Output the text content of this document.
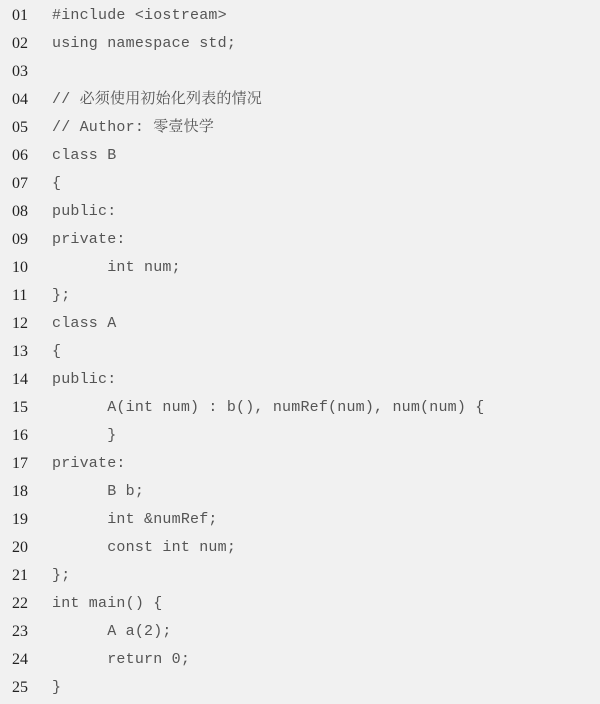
01	#include <iostream>
02	using namespace std;
03
04	// 必须使用初始化列表的情况
05	// Author: 零壹快学
06	class B
07	{
08	public:
09	private:
10	int num;
11	};
12	class A
13	{
14	public:
15	A(int num) : b(), numRef(num), num(num) {
16	}
17	private:
18	B b;
19	int &numRef;
20	const int num;
21	};
22	int main() {
23	A a(2);
24	return 0;
25	}
